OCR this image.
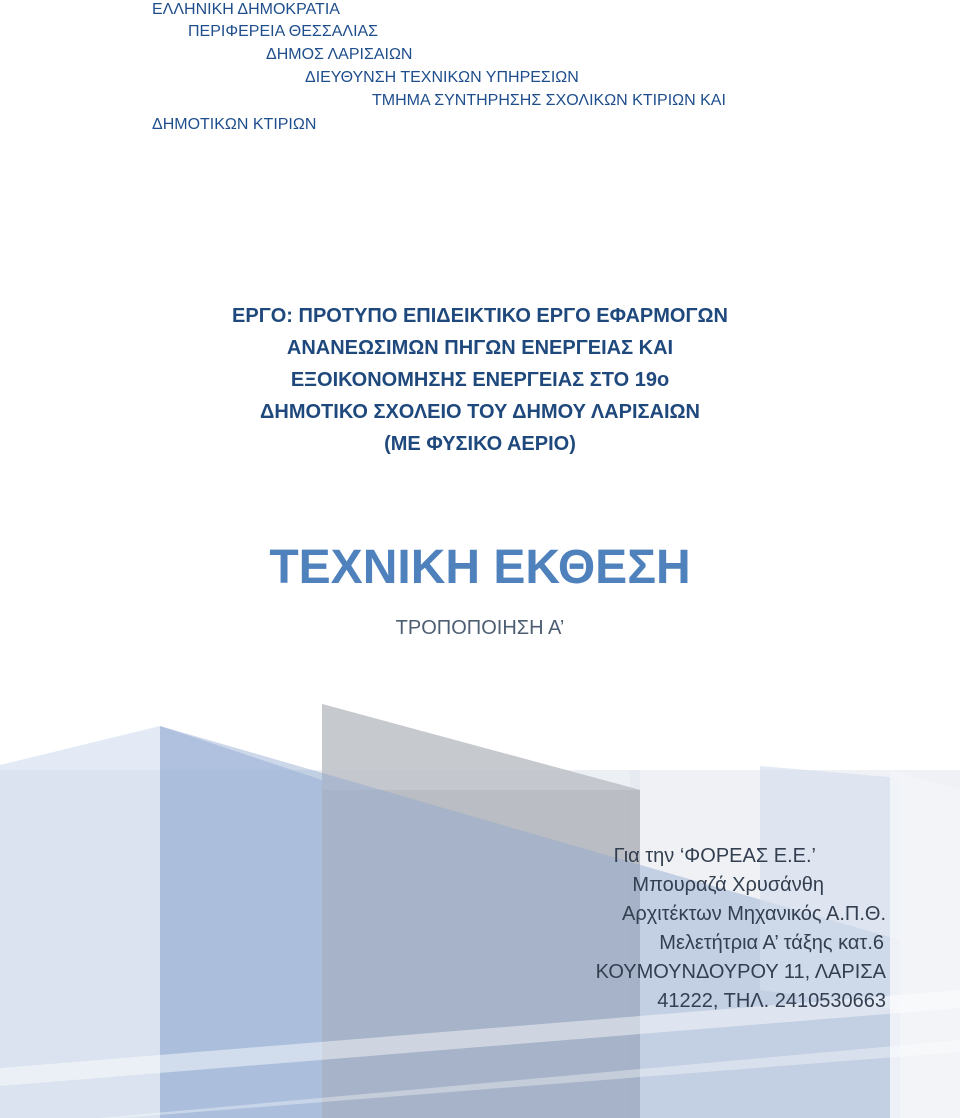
ΕΛΛΗΝΙΚΗ ΔΗΜΟΚΡΑΤΙΑ

ΠΕΡΙΦΕΡΕΙΑ ΘΕΣΣΑΛΙΑΣ

ΔΗΜΟΣ ΛΑΡΙΣΑΙΩΝ

ΔΙΕΥΘΥΝΣΗ ΤΕΧΝΙΚΩΝ ΥΠΗΡΕΣΙΩΝ

ΤΜΗΜΑ ΣΥΝΤΗΡΗΣΗΣ ΣΧΟΛΙΚΩΝ ΚΤΙΡΙΩΝ ΚΑΙ

ΔΗΜΟΤΙΚΩΝ ΚΤΙΡΙΩΝ

ΕΡΓΟ: ΠΡΟΤΥΠΟ ΕΠΙΔΕΙΚΤΙΚΟ ΕΡΓΟ ΕΦΑΡΜΟΓΩΝ
ΑΝΑΝΕΩΣΙΜΩΝ ΠΗΓΩΝ ΕΝΕΡΓΕΙΑΣ ΚΑΙ
ΕΞΟΙΚΟΝΟΜΗΣΗΣ ΕΝΕΡΓΕΙΑΣ ΣΤΟ 19ο
ΔΗΜΟΤΙΚΟ ΣΧΟΛΕΙΟ ΤΟΥ ΔΗΜΟΥ ΛΑΡΙΣΑΙΩΝ
(ΜΕ ΦΥΣΙΚΟ ΑΕΡΙΟ)
ΤΕΧΝΙΚΗ ΕΚΘΕΣΗ

ΤΡΟΠΟΠΟΙΗΣΗ Α’

Για την ‘ΦΟΡΕΑΣ Ε.Ε.’
Μπουραζά Χρυσάνθη
Αρχιτέκτων Μηχανικός Α.Π.Θ.
Μελετήτρια Α’ τάξης κατ.6
ΚΟΥΜΟΥΝΔΟΥΡΟΥ 11, ΛΑΡΙΣΑ
41222, ΤΗΛ. 2410530663
